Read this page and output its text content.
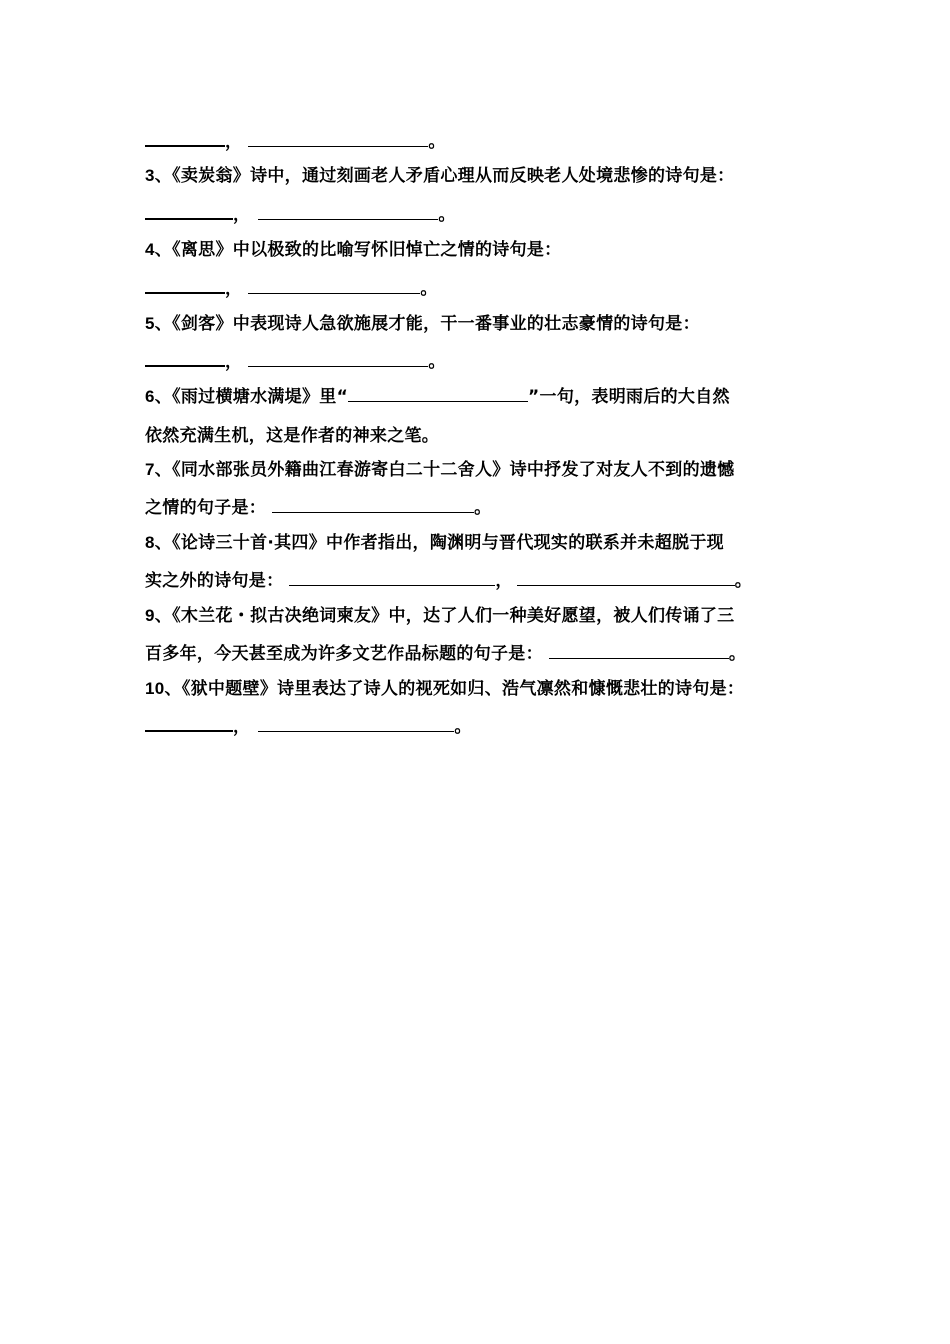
，	。
3、《卖炭翁》诗中，通过刻画老人矛盾心理从而反映老人处境悲惨的诗句是：
，	。
4、《离思》中以极致的比喻写怀旧悼亡之情的诗句是：
，	。
5、《剑客》中表现诗人急欲施展才能，干一番事业的壮志豪情的诗句是：
，	。
6、《雨过横塘水满堤》里“	”一句，表明雨后的大自然
依然充满生机，这是作者的神来之笔。
7、《同水部张员外籍曲江春游寄白二十二舍人》诗中抒发了对友人不到的遗憾
之情的句子是：	。
8、《论诗三十首·其四》中作者指出，陶渊明与晋代现实的联系并未超脱于现
实之外的诗句是：	，	。
9、《木兰花・拟古决绝词柬友》中，达了人们一种美好愿望，被人们传诵了三
百多年，今天甚至成为许多文艺作品标题的句子是：	。
10、《狱中题壁》诗里表达了诗人的视死如归、浩气凛然和慷慨悲壮的诗句是：
，	。
